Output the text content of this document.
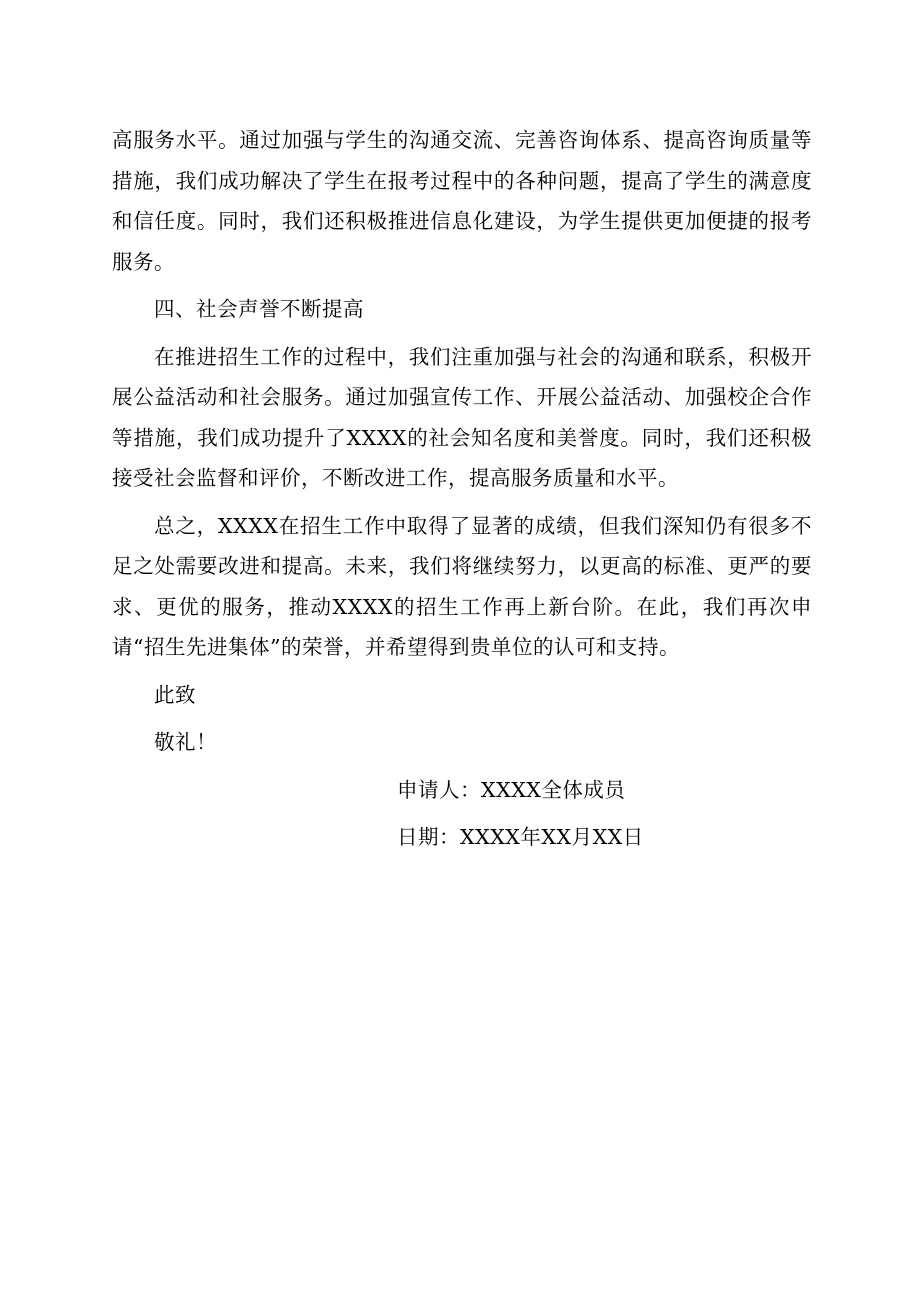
高服务水平。通过加强与学生的沟通交流、完善咨询体系、提高咨询质量等措施，我们成功解决了学生在报考过程中的各种问题，提高了学生的满意度和信任度。同时，我们还积极推进信息化建设，为学生提供更加便捷的报考服务。

四、社会声誉不断提高

在推进招生工作的过程中，我们注重加强与社会的沟通和联系，积极开展公益活动和社会服务。通过加强宣传工作、开展公益活动、加强校企合作等措施，我们成功提升了XXXX的社会知名度和美誉度。同时，我们还积极接受社会监督和评价，不断改进工作，提高服务质量和水平。

总之，XXXX在招生工作中取得了显著的成绩，但我们深知仍有很多不足之处需要改进和提高。未来，我们将继续努力，以更高的标准、更严的要求、更优的服务，推动XXXX的招生工作再上新台阶。在此，我们再次申请“招生先进集体”的荣誉，并希望得到贵单位的认可和支持。

此致

敬礼！

申请人：XXXX全体成员

日期：XXXX年XX月XX日
